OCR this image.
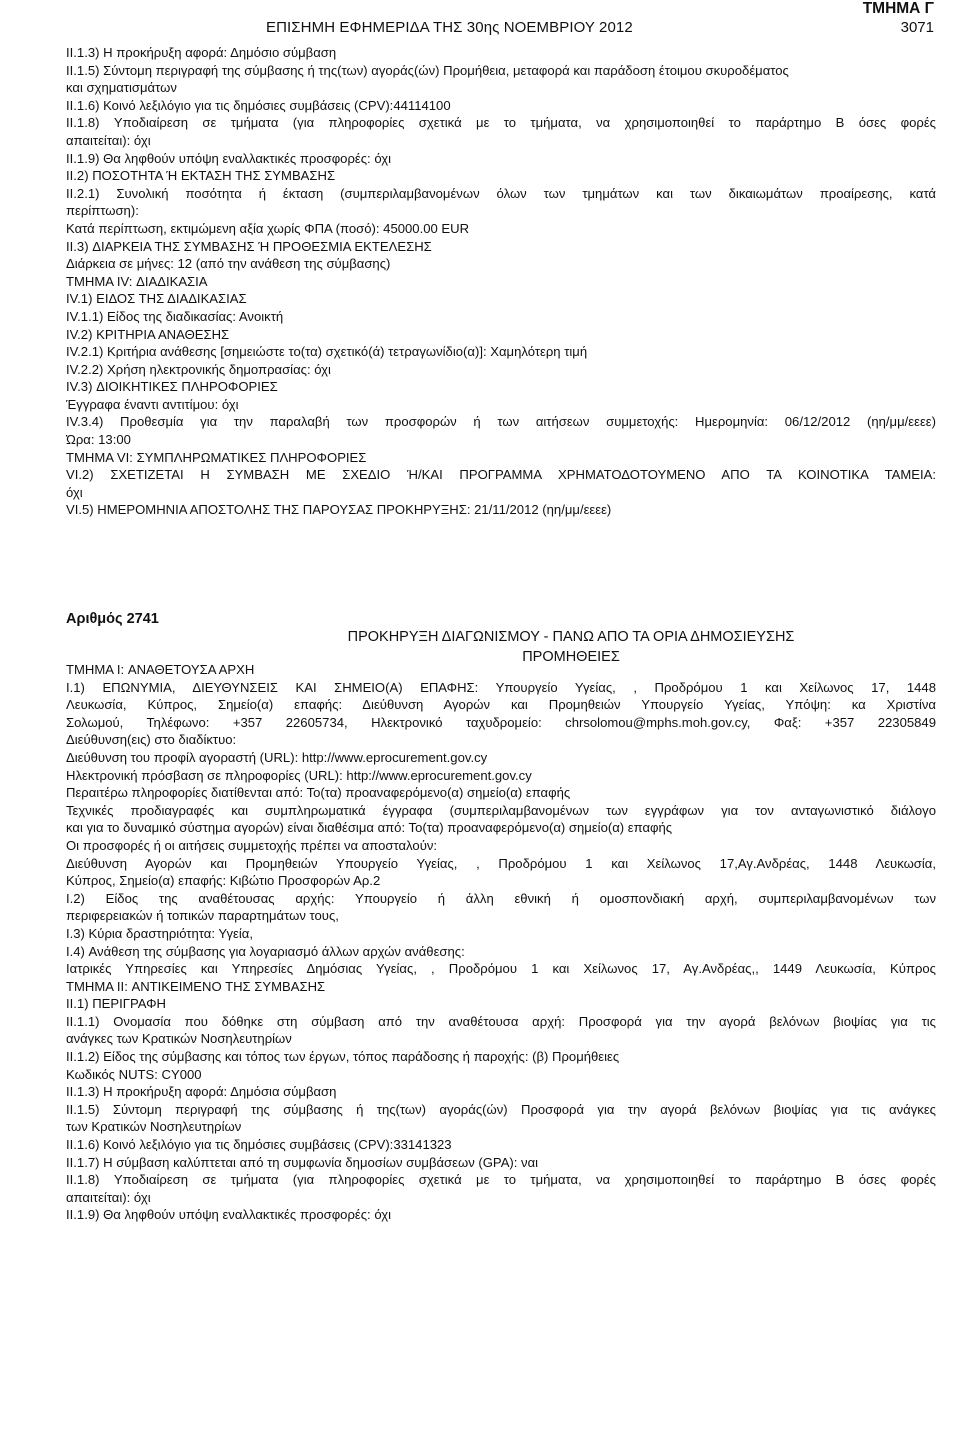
ΤΜΗΜΑ Γ
ΕΠΙΣΗΜΗ ΕΦΗΜΕΡΙΔΑ ΤΗΣ 30ης ΝΟΕΜΒΡΙΟΥ 2012	3071
II.1.3) Η προκήρυξη αφορά: Δημόσιο σύμβαση
II.1.5) Σύντομη περιγραφή της σύμβασης ή της(των) αγοράς(ών) Προμήθεια, μεταφορά και παράδοση έτοιμου σκυροδέματος
και σχηματισμάτων
II.1.6) Κοινό λεξιλόγιο για τις δημόσιες συμβάσεις (CPV):44114100
II.1.8) Υποδιαίρεση σε τμήματα (για πληροφορίες σχετικά με το τμήματα, να χρησιμοποιηθεί το παράρτημο Β όσες φορές
απαιτείται): όχι
II.1.9) Θα ληφθούν υπόψη εναλλακτικές προσφορές: όχι
II.2) ΠΟΣΟΤΗΤΑ Ή ΕΚΤΑΣΗ ΤΗΣ ΣΥΜΒΑΣΗΣ
II.2.1) Συνολική ποσότητα ή έκταση (συμπεριλαμβανομένων όλων των τμημάτων και των δικαιωμάτων προαίρεσης, κατά
περίπτωση):
Κατά περίπτωση, εκτιμώμενη αξία χωρίς ΦΠΑ (ποσό): 45000.00 EUR
II.3) ΔΙΑΡΚΕΙΑ ΤΗΣ ΣΥΜΒΑΣΗΣ Ή ΠΡΟΘΕΣΜΙΑ ΕΚΤΕΛΕΣΗΣ
Διάρκεια σε μήνες: 12 (από την ανάθεση της σύμβασης)
ΤΜΗΜΑ IV: ΔΙΑΔΙΚΑΣΙΑ
IV.1) ΕΙΔΟΣ ΤΗΣ ΔΙΑΔΙΚΑΣΙΑΣ
IV.1.1) Είδος της διαδικασίας: Ανοικτή
IV.2) ΚΡΙΤΗΡΙΑ ΑΝΑΘΕΣΗΣ
IV.2.1) Κριτήρια ανάθεσης [σημειώστε το(τα) σχετικό(ά) τετραγωνίδιο(α)]: Χαμηλότερη τιμή
IV.2.2) Χρήση ηλεκτρονικής δημοπρασίας: όχι
IV.3) ΔΙΟΙΚΗΤΙΚΕΣ ΠΛΗΡΟΦΟΡΙΕΣ
Έγγραφα έναντι αντιτίμου: όχι
IV.3.4) Προθεσμία για την παραλαβή των προσφορών ή των αιτήσεων συμμετοχής: Ημερομηνία: 06/12/2012 (ηη/μμ/εεεε)
Ώρα: 13:00
ΤΜΗΜΑ VI: ΣΥΜΠΛΗΡΩΜΑΤΙΚΕΣ ΠΛΗΡΟΦΟΡΙΕΣ
VI.2) ΣΧΕΤΙΖΕΤΑΙ Η ΣΥΜΒΑΣΗ ΜΕ ΣΧΕΔΙΟ Ή/ΚΑΙ ΠΡΟΓΡΑΜΜΑ ΧΡΗΜΑΤΟΔΟΤΟΥΜΕΝΟ ΑΠΟ ΤΑ ΚΟΙΝΟΤΙΚΑ ΤΑΜΕΙΑ:
όχι
VI.5) ΗΜΕΡΟΜΗΝΙΑ ΑΠΟΣΤΟΛΗΣ ΤΗΣ ΠΑΡΟΥΣΑΣ ΠΡΟΚΗΡΥΞΗΣ: 21/11/2012 (ηη/μμ/εεεε)
Αριθμός 2741
ΠΡΟΚΗΡΥΞΗ ΔΙΑΓΩΝΙΣΜΟΥ - ΠΑΝΩ ΑΠΟ ΤΑ ΟΡΙΑ ΔΗΜΟΣΙΕΥΣΗΣ
ΠΡΟΜΗΘΕΙΕΣ
ΤΜΗΜΑ I: ΑΝΑΘΕΤΟΥΣΑ ΑΡΧΗ
I.1) ΕΠΩΝΥΜΙΑ, ΔΙΕΥΘΥΝΣΕΙΣ ΚΑΙ ΣΗΜΕΙΟ(Α) ΕΠΑΦΗΣ: Υπουργείο Υγείας, , Προδρόμου 1 και Χείλωνος 17, 1448
Λευκωσία, Κύπρος, Σημείο(α) επαφής: Διεύθυνση Αγορών και Προμηθειών Υπουργείο Υγείας, Υπόψη: κα Χριστίνα
Σολωμού, Τηλέφωνο: +357 22605734, Ηλεκτρονικό ταχυδρομείο: chrsolomou@mphs.moh.gov.cy, Φαξ: +357 22305849
Διεύθυνση(εις) στο διαδίκτυο:
Διεύθυνση του προφίλ αγοραστή (URL): http://www.eprocurement.gov.cy
Ηλεκτρονική πρόσβαση σε πληροφορίες (URL): http://www.eprocurement.gov.cy
Περαιτέρω πληροφορίες διατίθενται από: Το(τα) προαναφερόμενο(α) σημείο(α) επαφής
Τεχνικές προδιαγραφές και συμπληρωματικά έγγραφα (συμπεριλαμβανομένων των εγγράφων για τον ανταγωνιστικό διάλογο
και για το δυναμικό σύστημα αγορών) είναι διαθέσιμα από: Το(τα) προαναφερόμενο(α) σημείο(α) επαφής
Οι προσφορές ή οι αιτήσεις συμμετοχής πρέπει να αποσταλούν:
Διεύθυνση Αγορών και Προμηθειών Υπουργείο Υγείας, , Προδρόμου 1 και Χείλωνος 17,Αγ.Ανδρέας, 1448 Λευκωσία,
Κύπρος, Σημείο(α) επαφής: Κιβώτιο Προσφορών Αρ.2
I.2) Είδος της αναθέτουσας αρχής: Υπουργείο ή άλλη εθνική ή ομοσπονδιακή αρχή, συμπεριλαμβανομένων των
περιφερειακών ή τοπικών παραρτημάτων τους,
I.3) Κύρια δραστηριότητα: Υγεία,
I.4) Ανάθεση της σύμβασης για λογαριασμό άλλων αρχών ανάθεσης:
Ιατρικές Υπηρεσίες και Υπηρεσίες Δημόσιας Υγείας, , Προδρόμου 1 και Χείλωνος 17, Αγ.Ανδρέας,, 1449 Λευκωσία, Κύπρος
ΤΜΗΜΑ II: ΑΝΤΙΚΕΙΜΕΝΟ ΤΗΣ ΣΥΜΒΑΣΗΣ
II.1) ΠΕΡΙΓΡΑΦΗ
II.1.1) Ονομασία που δόθηκε στη σύμβαση από την αναθέτουσα αρχή: Προσφορά για την αγορά βελόνων βιοψίας για τις
ανάγκες των Κρατικών Νοσηλευτηρίων
II.1.2) Είδος της σύμβασης και τόπος των έργων, τόπος παράδοσης ή παροχής: (β) Προμήθειες
Κωδικός NUTS: CY000
II.1.3) Η προκήρυξη αφορά: Δημόσια σύμβαση
II.1.5) Σύντομη περιγραφή της σύμβασης ή της(των) αγοράς(ών) Προσφορά για την αγορά βελόνων βιοψίας για τις ανάγκες
των Κρατικών Νοσηλευτηρίων
II.1.6) Κοινό λεξιλόγιο για τις δημόσιες συμβάσεις (CPV):33141323
II.1.7) Η σύμβαση καλύπτεται από τη συμφωνία δημοσίων συμβάσεων (GPA): ναι
II.1.8) Υποδιαίρεση σε τμήματα (για πληροφορίες σχετικά με το τμήματα, να χρησιμοποιηθεί το παράρτημο Β όσες φορές
απαιτείται): όχι
II.1.9) Θα ληφθούν υπόψη εναλλακτικές προσφορές: όχι
